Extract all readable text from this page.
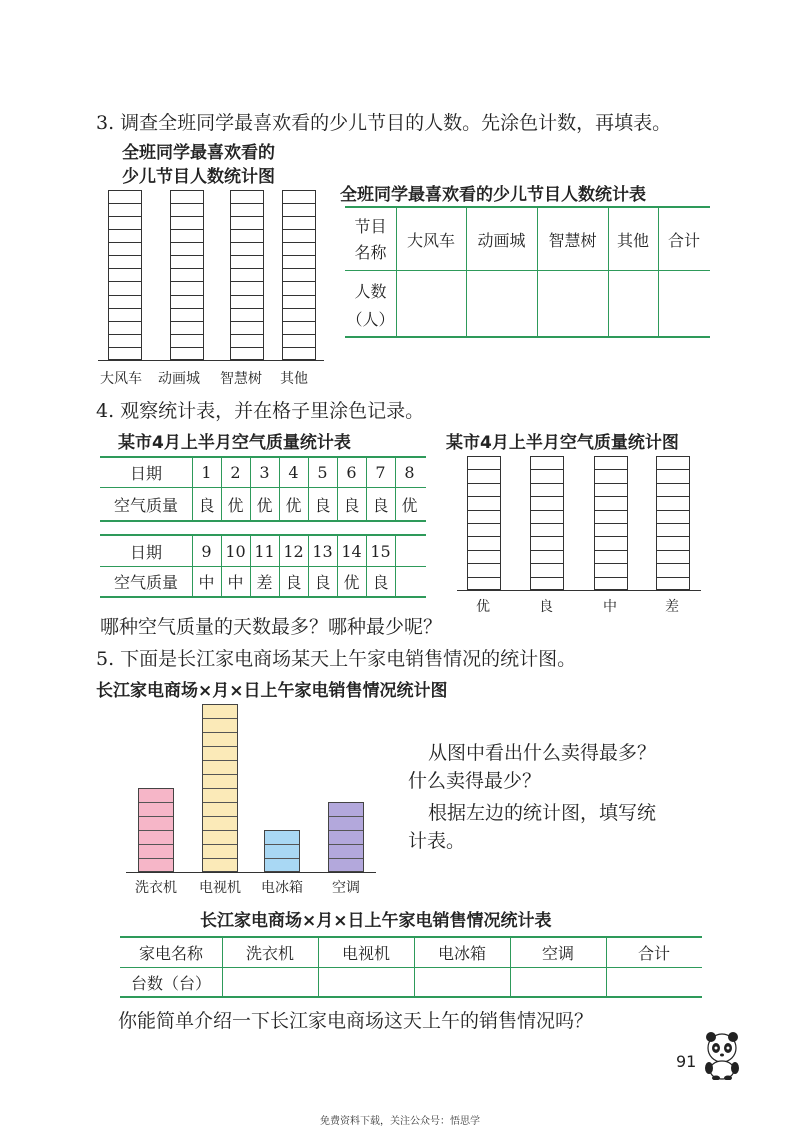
3. 调查全班同学最喜欢看的少儿节目的人数。先涂色计数，再填表。
全班同学最喜欢看的
少儿节目人数统计图
大风车 动画城 智慧树 其他
全班同学最喜欢看的少儿节目人数统计表
节目
名称
大风车	动画城	智慧树	其他	合计
人数
（人）
4. 观察统计表，并在格子里涂色记录。
某市4月上半月空气质量统计表	某市4月上半月空气质量统计图
日期	1	2	3	4	5	6	7	8
空气质量	良 优 优 优 良 良 良 优
日期	9 10 11 12 13 14 15
空气质量	中 中 差 良 良 优 良
优	良	中	差
哪种空气质量的天数最多？哪种最少呢？
5. 下面是长江家电商场某天上午家电销售情况的统计图。
长江家电商场×月×日上午家电销售情况统计图
洗衣机 电视机 电冰箱	空调
从图中看出什么卖得最多？
什么卖得最少？
根据左边的统计图，填写统
计表。
长江家电商场×月×日上午家电销售情况统计表
家电名称	洗衣机	电视机	电冰箱	空调	合计
台数（台）
你能简单介绍一下长江家电商场这天上午的销售情况吗？
91
免费资料下载，关注公众号：悟思学
